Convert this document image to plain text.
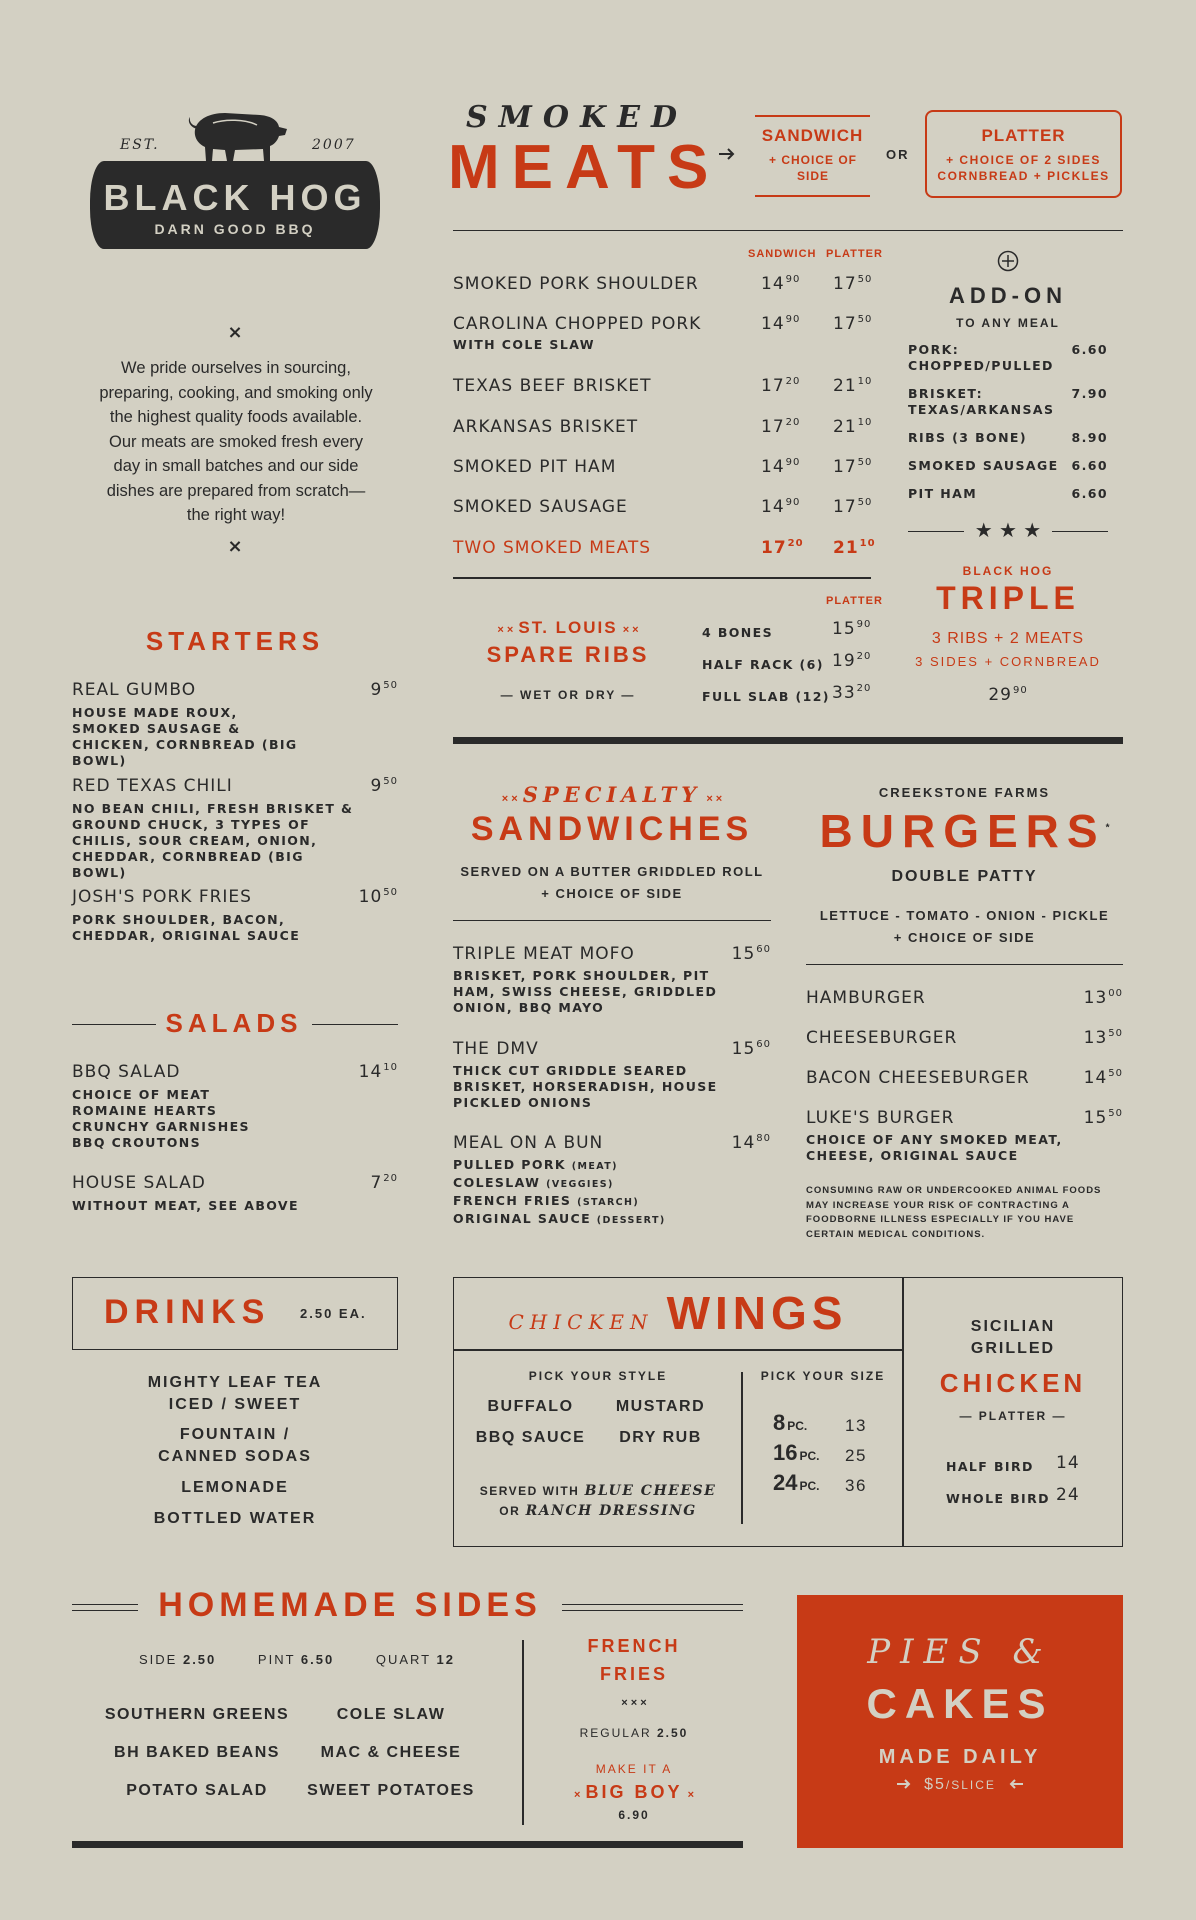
EST.	2007
BLACK HOG
DARN GOOD BBQ
×
We pride ourselves in sourcing, preparing, cooking, and smoking only the highest quality foods available. Our meats are smoked fresh every day in small batches and our side dishes are prepared from scratch—the right way!
×
SMOKED
MEATS	SANDWICH
+ CHOICE OF SIDE
OR
PLATTER
+ CHOICE OF 2 SIDES CORNBREAD + PICKLES
SANDWICH PLATTER
SMOKED PORK SHOULDER	$14^{90}$ $17^{50}$
CAROLINA CHOPPED PORK
WITH COLE SLAW
$14^{90}$ $17^{50}$
TEXAS BEEF BRISKET	$17^{20}$ $21^{10}$
ARKANSAS BRISKET	$17^{20}$ $21^{10}$
SMOKED PIT HAM	$14^{90}$ $17^{50}$
SMOKED SAUSAGE	$14^{90}$ $17^{50}$
TWO SMOKED MEATS	$17^{20}$ $21^{10}$
ADD-ON
TO ANY MEAL
PORK: CHOPPED/PULLED
6.60
BRISKET: TEXAS/ARKANSAS
7.90
RIBS (3 BONE)	8.90
SMOKED SAUSAGE	6.60
PIT HAM	6.60
★ ★ ★
BLACK HOG
TRIPLE
3 RIBS + 2 MEATS
3 SIDES + CORNBREAD
$29^{90}$
× × ST. LOUIS × ×
SPARE RIBS
— WET OR DRY —
PLATTER
4 BONES	$15^{90}$
HALF RACK (6) $19^{20}$
FULL SLAB (12) $33^{20}$
STARTERS
REAL GUMBO
HOUSE MADE ROUX, SMOKED SAUSAGE & CHICKEN, CORNBREAD (BIG BOWL)
$9^{50}$
RED TEXAS CHILI
NO BEAN CHILI, FRESH BRISKET & GROUND CHUCK, 3 TYPES OF CHILIS, SOUR CREAM, ONION, CHEDDAR, CORNBREAD (BIG BOWL)
$9^{50}$
JOSH'S PORK FRIES
PORK SHOULDER, BACON, CHEDDAR, ORIGINAL SAUCE
$10^{50}$
SALADS
BBQ SALAD
CHOICE OF MEAT ROMAINE HEARTS CRUNCHY GARNISHES BBQ CROUTONS
$14^{10}$
HOUSE SALAD
WITHOUT MEAT, SEE ABOVE
$7^{20}$
× × SPECIALTY × ×
SANDWICHES
SERVED ON A BUTTER GRIDDLED ROLL
+ CHOICE OF SIDE
TRIPLE MEAT MOFO
BRISKET, PORK SHOULDER, PIT HAM, SWISS CHEESE, GRIDDLED ONION, BBQ MAYO
$15^{60}$
THE DMV
THICK CUT GRIDDLE SEARED BRISKET, HORSERADISH, HOUSE PICKLED ONIONS
$15^{60}$
MEAL ON A BUN
PULLED PORK (MEAT)
COLESLAW (VEGGIES)
FRENCH FRIES (STARCH)
ORIGINAL SAUCE (DESSERT)
$14^{80}$
CREEKSTONE FARMS
BURGERS*
DOUBLE PATTY
LETTUCE - TOMATO - ONION - PICKLE
+ CHOICE OF SIDE
HAMBURGER	$13^{00}$
CHEESEBURGER	$13^{50}$
BACON CHEESEBURGER	$14^{50}$
LUKE'S BURGER
CHOICE OF ANY SMOKED MEAT, CHEESE, ORIGINAL SAUCE
$15^{50}$
CONSUMING RAW OR UNDERCOOKED ANIMAL FOODS MAY INCREASE YOUR RISK OF CONTRACTING A FOODBORNE ILLNESS ESPECIALLY IF YOU HAVE CERTAIN MEDICAL CONDITIONS.
DRINKS 2.50 EA.
MIGHTY LEAF TEA
ICED / SWEET
FOUNTAIN /
CANNED SODAS
LEMONADE
BOTTLED WATER
CHICKEN WINGS
PICK YOUR STYLE
BUFFALO	MUSTARD
BBQ SAUCE	DRY RUB
SERVED WITH BLUE CHEESE
OR RANCH DRESSING
PICK YOUR SIZE
8 PC. 13
16 PC. 25
24 PC. 36
SICILIAN
GRILLED
CHICKEN
— PLATTER —
HALF BIRD 14
WHOLE BIRD 24
HOMEMADE SIDES
SIDE 2.50	PINT 6.50	QUART 12
SOUTHERN GREENS	COLE SLAW
BH BAKED BEANS	MAC & CHEESE
POTATO SALAD	SWEET POTATOES
FRENCH
FRIES
× × ×
REGULAR 2.50
MAKE IT A
× BIG BOY ×
6.90
PIES &
CAKES
MADE DAILY
$5/SLICE
